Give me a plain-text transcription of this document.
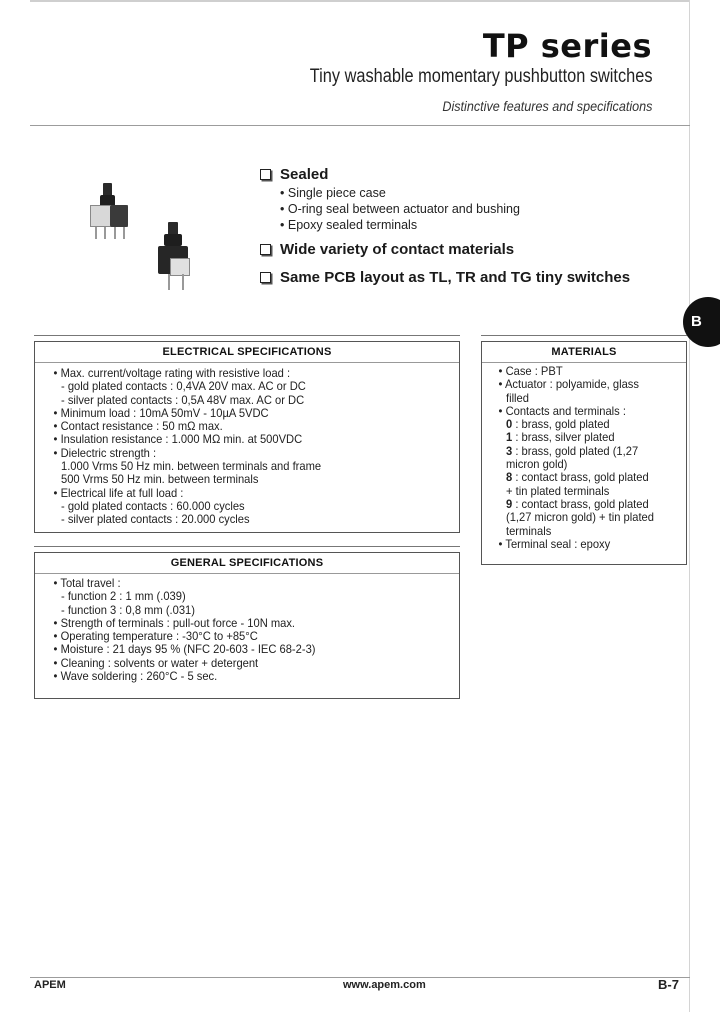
TP series
Tiny washable momentary pushbutton switches
Distinctive features and specifications
Sealed
• Single piece case
• O-ring seal between actuator and bushing
• Epoxy sealed terminals
Wide variety of contact materials
Same PCB layout as TL, TR and TG tiny switches
B
ELECTRICAL SPECIFICATIONS
• Max. current/voltage rating with resistive load :
- gold plated contacts : 0,4VA 20V max. AC or DC
- silver plated contacts : 0,5A 48V max. AC or DC
• Minimum load : 10mA 50mV - 10µA 5VDC
• Contact resistance : 50 mΩ max.
• Insulation resistance : 1.000 MΩ min. at 500VDC
• Dielectric strength :
1.000 Vrms 50 Hz min. between terminals and frame
500 Vrms 50 Hz min. between terminals
• Electrical life at full load :
- gold plated contacts : 60.000 cycles
- silver plated contacts : 20.000 cycles
GENERAL SPECIFICATIONS
• Total travel :
- function 2 : 1 mm (.039)
- function 3 : 0,8 mm (.031)
• Strength of terminals : pull-out force - 10N max.
• Operating temperature : -30°C to +85°C
• Moisture : 21 days 95 % (NFC 20-603 - IEC 68-2-3)
• Cleaning : solvents or water + detergent
• Wave soldering : 260°C - 5 sec.
MATERIALS
• Case : PBT
• Actuator : polyamide, glass
filled
• Contacts and terminals :
0 : brass, gold plated
1 : brass, silver plated
3 : brass, gold plated (1,27
micron gold)
8 : contact brass, gold plated
+ tin plated terminals
9 : contact brass, gold plated
(1,27 micron gold) + tin plated
terminals
• Terminal seal : epoxy
APEM	www.apem.com	B-7
